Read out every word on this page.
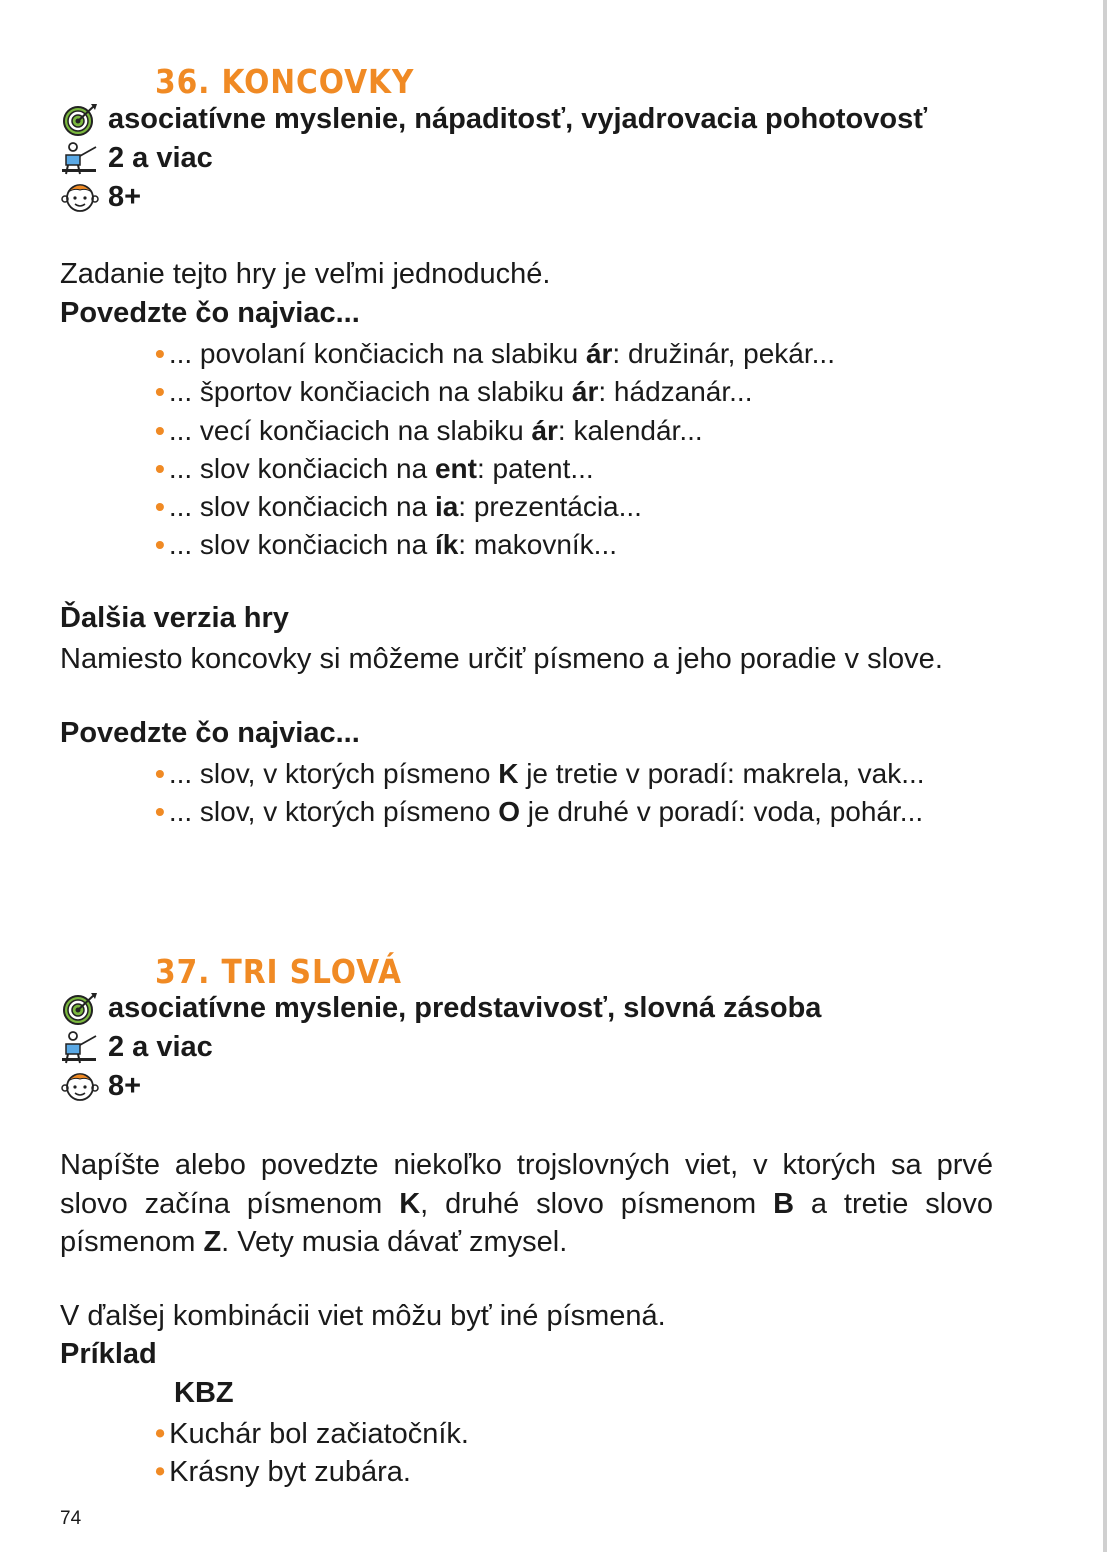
36. KONCOVKY
asociatívne myslenie, nápaditosť, vyjadrovacia pohotovosť
2 a viac
8+
Zadanie tejto hry je veľmi jednoduché.
Povedzte čo najviac...
• ... povolaní končiacich na slabiku ár: družinár, pekár...
• ... športov končiacich na slabiku ár: hádzanár...
• ... vecí končiacich na slabiku ár: kalendár...
• ... slov končiacich na ent: patent...
• ... slov končiacich na ia: prezentácia...
• ... slov končiacich na ík: makovník...
Ďalšia verzia hry
Namiesto koncovky si môžeme určiť písmeno a jeho poradie v slove.
Povedzte čo najviac...
• ... slov, v ktorých písmeno K je tretie v poradí: makrela, vak...
• ... slov, v ktorých písmeno O je druhé v poradí: voda, pohár...
37. TRI SLOVÁ
asociatívne myslenie, predstavivosť, slovná zásoba
2 a viac
8+
Napíšte alebo povedzte niekoľko trojslovných viet, v ktorých sa prvé slovo začína písmenom K, druhé slovo písmenom B a tretie slovo písmenom Z. Vety musia dávať zmysel.
V ďalšej kombinácii viet môžu byť iné písmená.
Príklad
KBZ
• Kuchár bol začiatočník.
• Krásny byt zubára.
74
